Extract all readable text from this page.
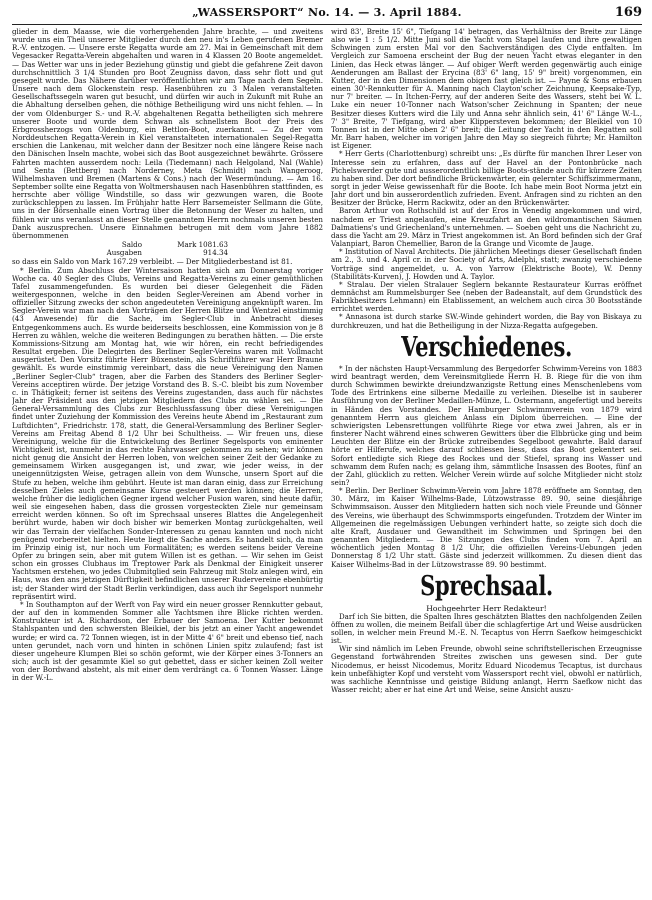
„WASSERSPORT“ No. 14. — 3. April 1884.	169

glieder in dem Maasse, wie die vorhergehenden Jahre brachte, — und zweitens wurde uns ein Theil unserer Mitglieder durch den neu in's Leben gerufenen Bremer R.-V. entzogen. — Unsere erste Regatta wurde am 27. Mai in Gemeinschaft mit dem Vegesacker Regatta-Verein abgehalten und waren in 4 Klassen 20 Boote angemeldet. — Das Wetter war uns in jeder Beziehung günstig und giebt die gefahrene Zeit davon durchschnittlich 3 1/4 Stunden pro Boot Zeugniss davon, dass sehr flott und gut gesegelt wurde. Das Nähere darüber veröffentlichten wir am Tage nach dem Segeln. Unsere nach dem Glockenstein resp. Hasenbühren zu 3 Malen veranstalteten Gesellschaftssegeln waren gut besucht, und dürfen wir auch in Zukunft mit Ruhe an die Abhaltung derselben gehen, die nöthige Betheiligung wird uns nicht fehlen. — In der vom Oldenburger S.- und R.-V. abgehaltenen Regatta betheiligten sich mehrere unserer Boote und wurde dem Schwan als schnellstem Boot der Preis des Erbgrossherzogs von Oldenburg, ein Bettlon-Boot, zuerkannt. — Zu der vom Norddeutschen Regatta-Verein in Kiel veranstalteten internationalen Segel-Regatta erschien die Lankenau, mit welcher dann der Besitzer noch eine längere Reise nach den Dänischen Inseln machte, wobei sich das Boot ausgezeichnet bewährte. Grössere Fahrten machten ausserdem noch: Leila (Tiedemann) nach Helgoland, Nal (Wahle) und Senta (Bettberg) nach Norderney, Meta (Schmidt) nach Wangeroog, Wilhelmshaven und Bremen (Martens & Cons.) nach der Wesermündung. — Am 16. September sollte eine Regatta von Woltmershausen nach Hasenbühren stattfinden, es herrschte aber völlige Windstille, so dass wir gezwungen waren, die Boote zurückschleppen zu lassen. Im Frühjahr hatte Herr Barsemeister Sellmann die Güte, uns in der Börsenhalle einen Vortrag über die Betonnung der Weser zu halten, und fühlen wir uns veranlasst an dieser Stelle genanntem Herrn nochmals unseren besten Dank auszusprechen. Unsere Einnahmen betrugen mit dem vom Jahre 1882 übernommenen

Saldo	Mark 1081.63
Ausgaben	914.34

so dass ein Saldo von Mark 167.29 verbleibt. — Der Mitgliederbestand ist 81.

* Berlin. Zum Abschluss der Wintersaison hatten sich am Donnerstag voriger Woche ca. 40 Segler des Clubs, Vereins und Regatta-Vereins zu einer gemüthlichen Tafel zusammengefunden. Es wurden bei dieser Gelegenheit die Fäden weitergesponnen, welche in den beiden Segler-Vereinen am Abend vorher in offizieller Sitzung zwecks der schon angedeuteten Vereinigung angeknüpft waren. Im Segler-Verein war man nach den Vorträgen der Herren Blitze und Wentzel einstimmig (43 Anwesende) für die Sache, im Segler-Club in Anbetracht dieses Entgegenkommens auch. Es wurde beiderseits beschlossen, eine Kommission von je 8 Herren zu wählen, welche die weiteren Bedingungen zu berathen hätten. — Die erste Kommissions-Sitzung am Montag hat, wie wir hören, ein recht befriedigendes Resultat ergeben. Die Delegirten des Berliner Segler-Vereins waren mit Vollmacht ausgerüstet. Den Vorsitz führte Herr Büxenstein, als Schriftführer war Herr Braune gewählt. Es wurde einstimmig vereinbart, dass die neue Vereinigung den Namen „Berliner Segler-Club“ tragen, aber die Farben des Standers des Berliner Segler-Vereins acceptiren würde. Der jetzige Vorstand des B. S.-C. bleibt bis zum November c. in Thätigkeit; ferner ist seitens des Vereins zugestanden, dass auch für nächstes Jahr der Präsident aus den jetzigen Mitgliedern des Clubs zu wählen sei. — Die General-Versammlung des Clubs zur Beschlussfassung über diese Vereinigungen findet unter Zuziehung der Kommission des Vereins heute Abend im „Restaurant zum Luftdichten“, Friedrichstr. 178, statt, die General-Versammlung des Berliner Segler-Vereins am Freitag Abend 8 1/2 Uhr bei Schultheiss. — Wir freuen uns, diese Vereinigung, welche für die Entwickelung des Berliner Segelsports von eminenter Wichtigkeit ist, nunmehr in das rechte Fahrwasser gekommen zu sehen; wir können nicht genug die Ansicht der Herren loben, von welchen seiner Zeit der Gedanke zu gemeinsamem Wirken ausgegangen ist, und zwar, wie jeder weiss, in der uneigennützigsten Weise, getragen allein von dem Wunsche, unsern Sport auf die Stufe zu heben, welche ihm gebührt. Heute ist man daran einig, dass zur Erreichung desselben Zieles auch gemeinsame Kurse gesteuert werden können; die Herren, welche früher die lediglichen Gegner irgend welcher Fusion waren, sind heute dafür, weil sie eingesehen haben, dass die grossen vorgesteckten Ziele nur gemeinsam erreicht werden können. So oft im Sprechsaal unseres Blattes die Angelegenheit berührt wurde, haben wir doch bisher wir bemerken Montag zurückgehalten, weil wir das Terrain der vielfachen Sonder-Interessen zu genau kannten und noch nicht genügend vorbereitet hielten. Heute liegt die Sache anders. Es handelt sich, da man im Prinzip einig ist, nur noch um Formalitäten; es werden seitens beider Vereine Opfer zu bringen sein, aber mit gutem Willen ist es gethan. — Wir sehen im Geist schon ein grosses Clubhaus im Treptower Park als Denkmal der Einigkeit unserer Yachtsmen erstehen, wo jedes Clubmitglied sein Fahrzeug mit Stolz anlegen wird, ein Haus, was den ans jetzigen Dürftigkeit befindlichen unserer Rudervereine ebenbürtig ist; der Stander wird der Stadt Berlin verkündigen, dass auch ihr Segelsport nunmehr repräsentirt wird.

* In Southampton auf der Werft von Fay wird ein neuer grosser Rennkutter gebaut, der auf den in kommenden Sommer alle Yachtsmen ihre Blicke richten werden. Konstrukteur ist A. Richardson, der Erbauer der Samoena. Der Kutter bekommt Stahlspanten und den schwersten Bleikiel, der bis jetzt an einer Yacht angewendet wurde; er wird ca. 72 Tonnen wiegen, ist in der Mitte 4' 6" breit und ebenso tief, nach unten gerundet, nach vorn und hinten in schönen Linien spitz zulaufend; fast ist dieser ungeheure Klumpen Blei so schön geformt, wie der Körper eines 3-Tonners an sich; auch ist der gesammte Kiel so gut gebettet, dass er sicher keinen Zoll weiter von der Bordwand absteht, als mit einer dem verdrängt ca. 6 Tonnen Wasser. Länge in der W.-L.

wird 83', Breite 15' 6", Tiefgang 14' betragen, das Verhältniss der Breite zur Länge also wie 1 : 5 1/2. Mitte Juni soll die Yacht vom Stapel laufen und ihre gewaltigen Schwingen zum ersten Mal vor den Sachverständigen des Clyde entfalten. Im Vergleich zur Samoena erscheint der Bug der neuen Yacht etwas eleganter in den Linien, das Heck etwas länger. — Auf obiger Werft werden gegenwärtig auch einige Aenderungen am Ballast der Erycina (83' 6" lang, 15' 9" breit) vorgenommen, ein Kutter, der in den Dimensionen dem obigen fast gleich ist. — Payne & Sons erbauen einen 30'-Rennkutter für A. Manning nach Clayton'scher Zeichnung, Keepsake-Typ, nur 7' breiter. — In Itchen-Ferry, auf der anderen Seite des Wassers, steht bei W. L. Luke ein neuer 10-Tonner nach Watson'scher Zeichnung in Spanten; der neue Besitzer dieses Kutters wird die Lily und Anna sehr ähnlich sein, 41' 6" Länge W.-L., 7' 3" Breite, 7' Tiefgang, wird aber Klippersteven bekommen; der Bleikiel von 10 Tonnen ist in der Mitte oben 2' 6" breit; die Leitung der Yacht in den Regatten soll Mr. Barr haben, welcher im vorigen Jahre den May so siegreich führte; Mr. Hamilton ist Eigener.

* Herr Gerts (Charlottenburg) schreibt uns: „Es dürfte für manchen Ihrer Leser von Interesse sein zu erfahren, dass auf der Havel an der Pontonbrücke nach Pichelswerder gute und ausserordentlich billige Boots-stände auch für kürzere Zeiten zu haben sind. Der dort befindliche Brückenwärter, ein gelernter Schiffszimmermann, sorgt in jeder Weise gewissenhaft für die Boote. Ich habe mein Boot Norma jetzt ein Jahr dort und bin ausserordentlich zufrieden. Event. Anfragen sind zu richten an den Besitzer der Brücke, Herrn Rackwitz, oder an den Brückenwärter.

Baron Arthur von Rothschild ist auf der Eros in Venedig angekommen und wird, nachdem er Triest angelaufen, eine Kreuzfahrt an den wildromantischen Säumen Dalmatiens's und Griechenland's unternehmen. — Soeben geht uns die Nachricht zu, dass die Yacht am 29. März in Triest angekommen ist. An Bord befinden sich der Graf Valanpiart, Baron Chemellier, Baron de la Grange und Vicomte de Jauge.

* Institution of Naval Architects. Die jährlichen Meetings dieser Gesellschaft finden am 2., 3. und 4. April cr. in der Society of Arts, Adelphi, statt; zwanzig verschiedene Vorträge sind angemeldet, u. A. von Yarrow (Elektrische Boote), W. Denny (Stabilitäts-Kurven), J. Howden und A. Taylor.

* Stralau. Der vielen Stralauer Seglern bekannte Restaurateur Kurras eröffnet demnächst am Rummelsburger See (neben der Badeanstalt, auf dem Grundstück des Fabrikbesitzers Lehmann) ein Etablissement, an welchem auch circa 30 Bootsstände errichtet werden.

* Annasona ist durch starke SW.-Winde gehindert worden, die Bay von Biskaya zu durchkreuzen, und hat die Betheiligung in der Nizza-Regatta aufgegeben.

Verschiedenes.

* In der nächsten Haupt-Versammlung des Bergedorfer Schwimm-Vereins von 1883 wird beantragt werden, dem Vereinsmitgliede Herrn H. B. Riege für die von ihm durch Schwimmen bewirkte dreiundzwanzigste Rettung eines Menschenlebens vom Tode des Ertrinkens eine silberne Medaille zu verleihen. Dieselbe ist in sauberer Ausführung von der Berliner Medaillen-Münze, L. Ostermann, angefertigt und bereits in Händen des Vorstandes. Der Hamburger Schwimmverein von 1879 wird genanntem Herrn aus gleichem Anlass ein Diplom überreichen. — Eine der schwierigsten Lebensrettungen vollführte Riege vor etwa zwei Jahren, als er in finsterer Nacht während eines schweren Gewitters über die Elbbrücke ging und beim Leuchten der Blitze ein der Brücke zutreibendes Segelboot gewahrte. Bald darauf hörte er Hilferufe, welches darauf schliessen liess, dass das Boot gekentert sei. Sofort entledigte sich Riege des Rockes und der Stiefel, sprang ins Wasser und schwamm dem Rufen nach; es gelang ihm, sämmtliche Insassen des Bootes, fünf an der Zahl, glücklich zu retten. Welcher Verein würde auf solche Mitglieder nicht stolz sein?

* Berlin. Der Berliner Schwimm-Verein vom Jahre 1878 eröffnete am Sonntag, den 30. März, im Kaiser Wilhelms-Bade, Lützowstrasse 89. 90, seine diesjährige Schwimmsaison. Ausser den Mitgliedern hatten sich noch viele Freunde und Gönner des Vereins, wie überhaupt des Schwimmsports eingefunden. Trotzdem der Winter im Allgemeinen die regelmässigen Uebungen verhindert hatte, so zeigte sich doch die alte Kraft, Ausdauer und Gewandtheit im Schwimmen und Springen bei den genannten Mitgliedern. — Die Sitzungen des Clubs finden vom 7. April an wöchentlich jeden Montag 8 1/2 Uhr, die offiziellen Vereins-Uebungen jeden Donnerstag 8 1/2 Uhr statt. Gäste sind jederzeit willkommen. Zu diesen dient das Kaiser Wilhelms-Bad in der Lützowstrasse 89. 90 bestimmt.

Sprechsaal.
Hochgeehrter Herr Redakteur!

Darf ich Sie bitten, die Spalten Ihres geschätzten Blattes den nachfolgenden Zeilen öffnen zu wollen, die meinem Beifall über die schlagfertige Art und Weise ausdrücken sollen, in welcher mein Freund M.-E. N. Tecaptus von Herrn Saefkow heimgeschickt ist.

Wir sind nämlich im Leben Freunde, obwohl seine schriftstellerischen Erzeugnisse Gegenstand fortwährenden Streites zwischen uns gewesen sind. Der gute Nicodemus, er heisst Nicodemus, Moritz Eduard Nicodemus Tecaptus, ist durchaus kein unbefähigter Kopf und versteht vom Wassersport recht viel, obwohl er natürlich, was sachliche Kenntnisse und geistige Bildung anlangt, Herrn Saefkow nicht das Wasser reicht; aber er hat eine Art und Weise, seine Ansicht auszu-
